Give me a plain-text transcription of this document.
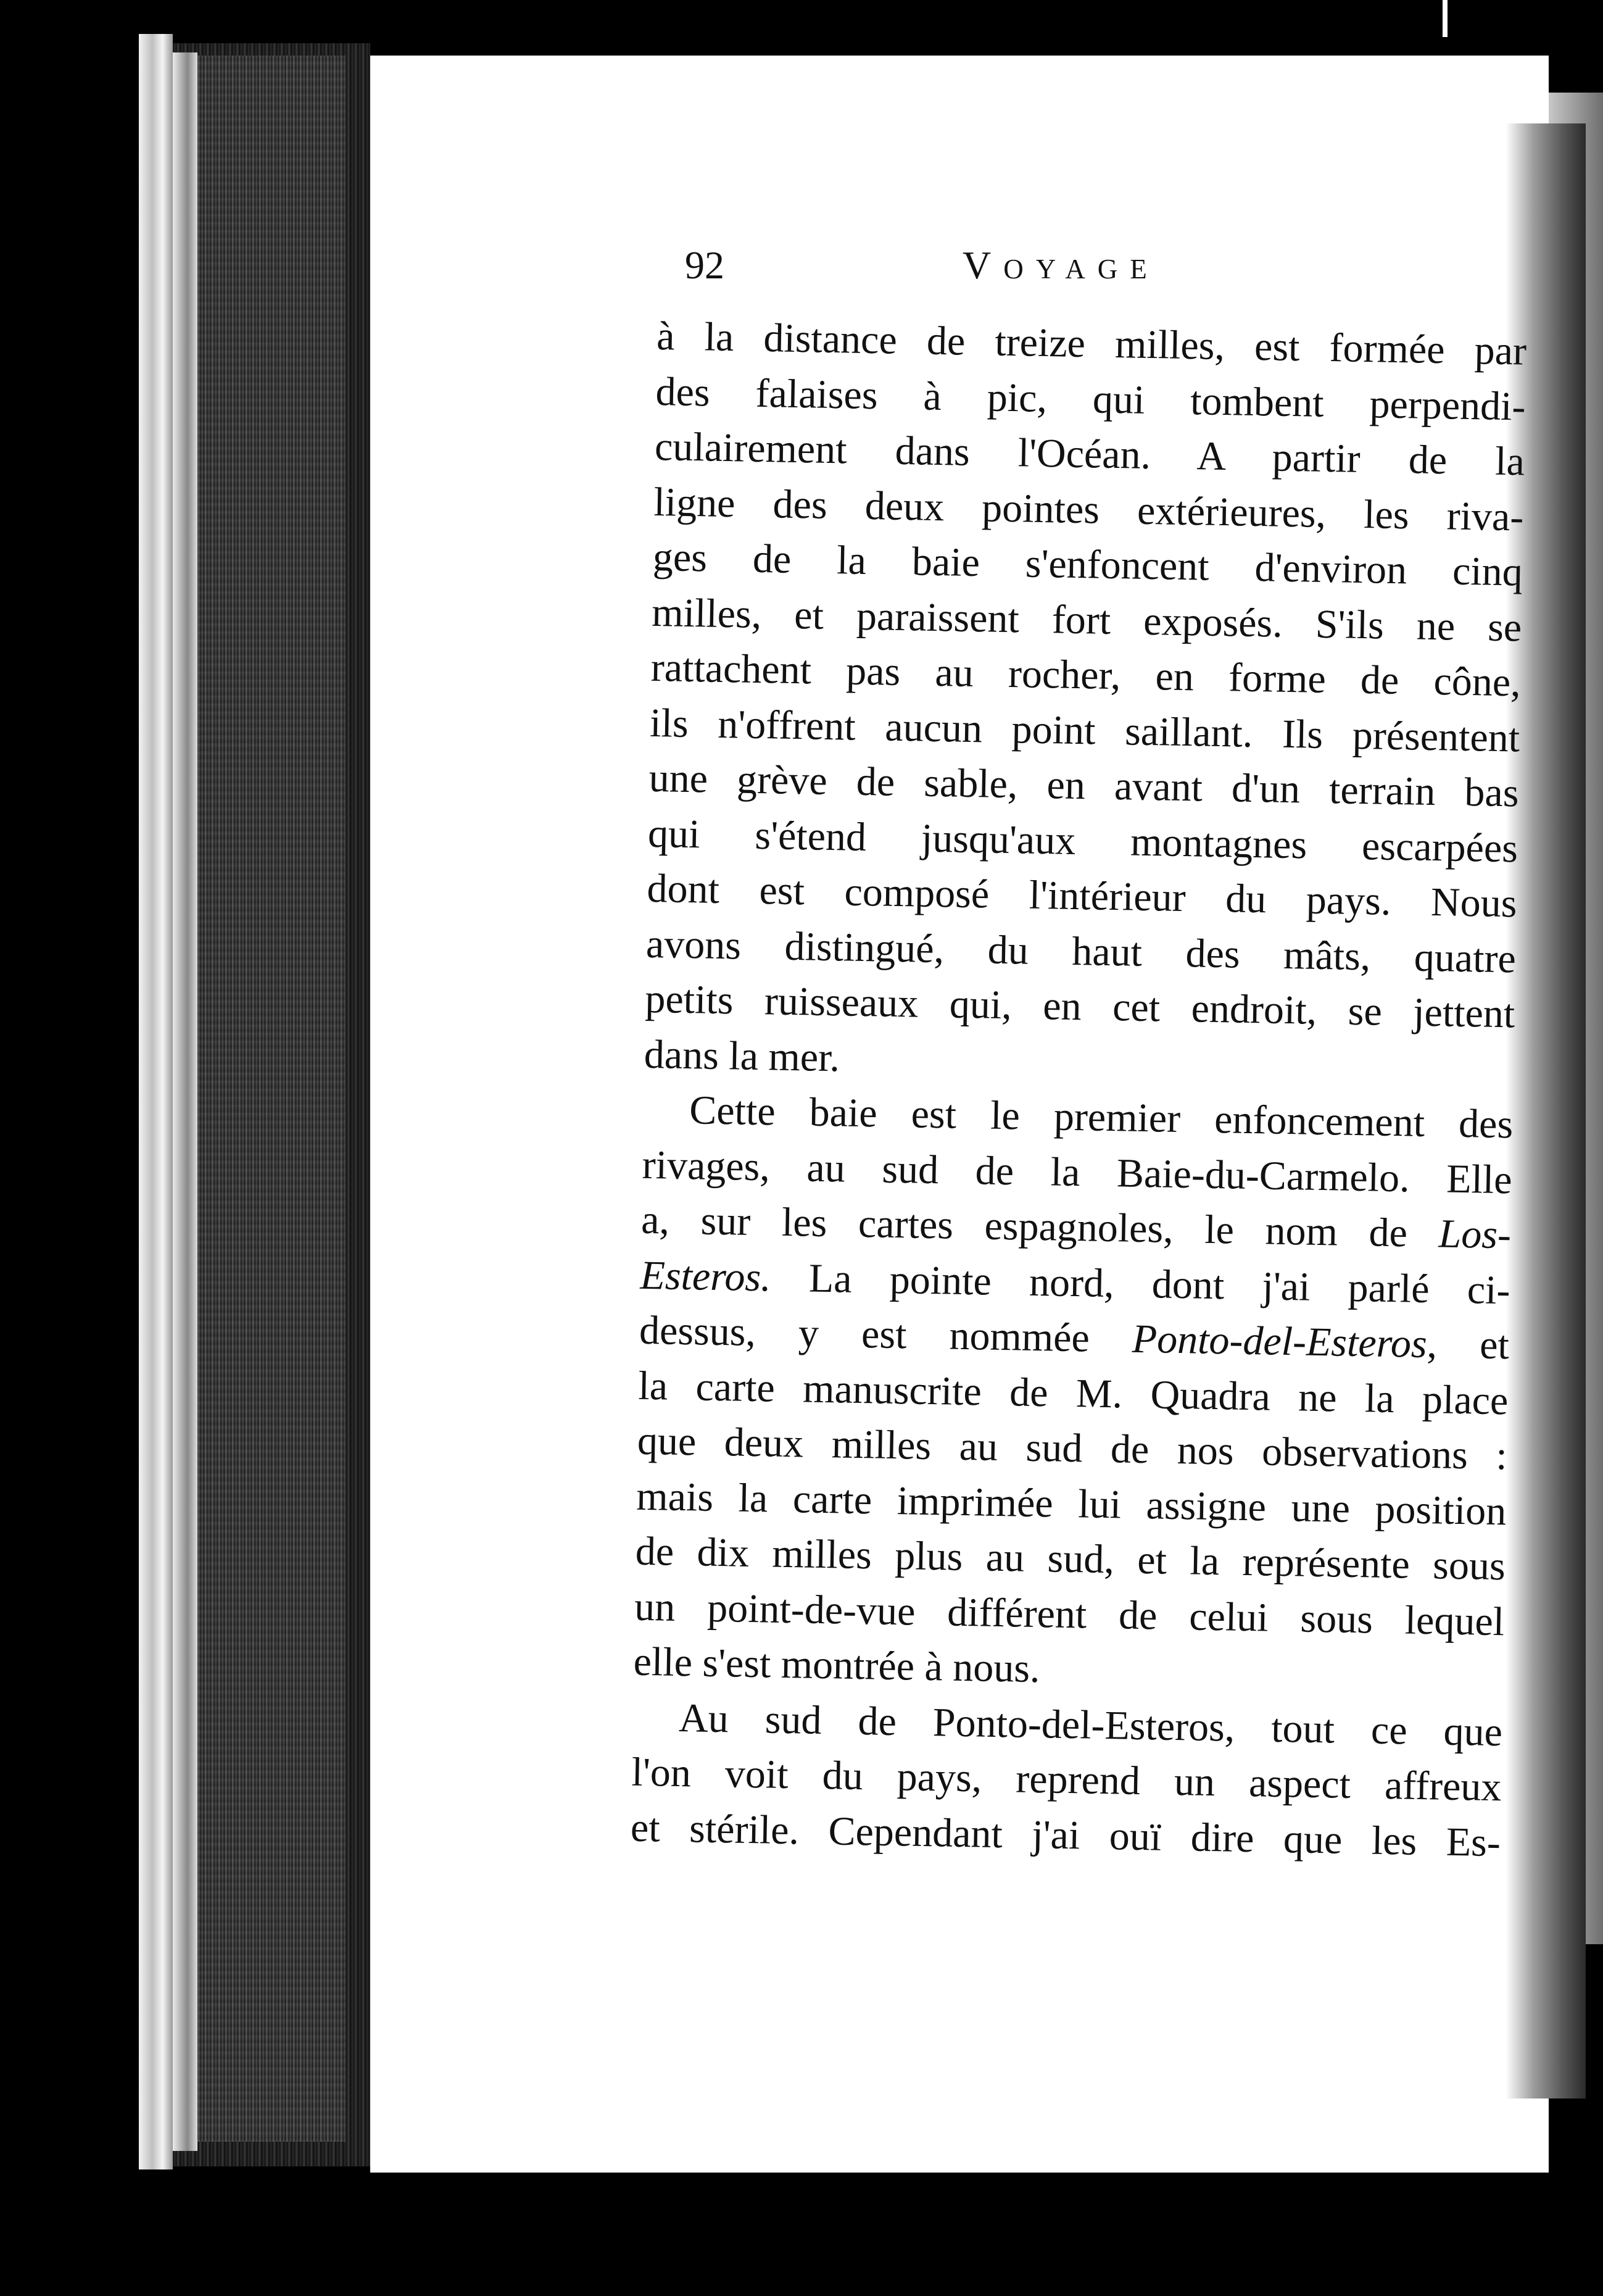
92	Voyage
à la distance de treize milles, est formée par
des falaises à pic, qui tombent perpendi-
culairement dans l'Océan. A partir de la
ligne des deux pointes extérieures, les riva-
ges de la baie s'enfoncent d'environ cinq
milles, et paraissent fort exposés. S'ils ne se
rattachent pas au rocher, en forme de cône,
ils n'offrent aucun point saillant. Ils présentent
une grève de sable, en avant d'un terrain bas
qui s'étend jusqu'aux montagnes escarpées
dont est composé l'intérieur du pays. Nous
avons distingué, du haut des mâts, quatre
petits ruisseaux qui, en cet endroit, se jettent
dans la mer.
Cette baie est le premier enfoncement des
rivages, au sud de la Baie-du-Carmelo. Elle
a, sur les cartes espagnoles, le nom de Los-
Esteros. La pointe nord, dont j'ai parlé ci-
dessus, y est nommée Ponto-del-Esteros, et
la carte manuscrite de M. Quadra ne la place
que deux milles au sud de nos observations :
mais la carte imprimée lui assigne une position
de dix milles plus au sud, et la représente sous
un point-de-vue différent de celui sous lequel
elle s'est montrée à nous.
Au sud de Ponto-del-Esteros, tout ce que
l'on voit du pays, reprend un aspect affreux
et stérile. Cependant j'ai ouï dire que les Es-
